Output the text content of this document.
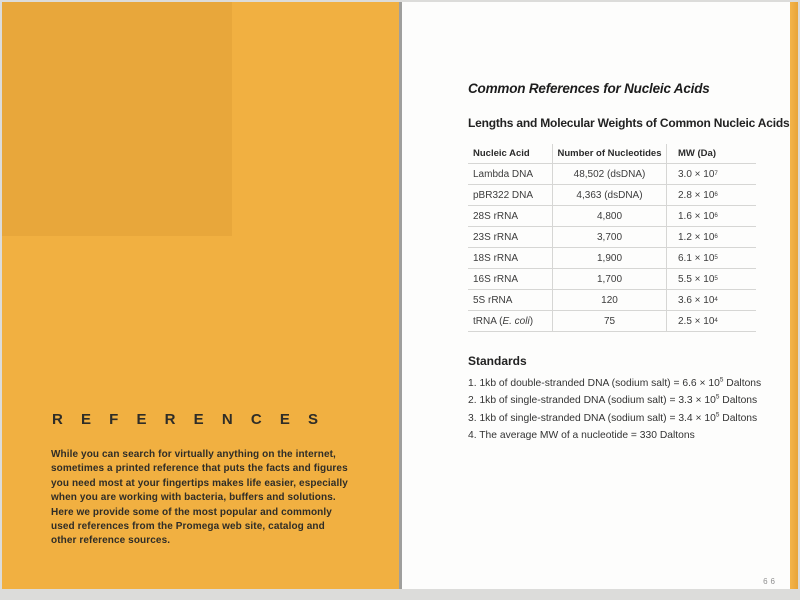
R E F E R E N C E S
While you can search for virtually anything on the internet,
sometimes a printed reference that puts the facts and figures
you need most at your fingertips makes life easier, especially
when you are working with bacteria, buffers and solutions.
Here we provide some of the most popular and commonly
used references from the Promega web site, catalog and
other reference sources.
Common References for Nucleic Acids
Lengths and Molecular Weights of Common Nucleic Acids
Nucleic Acid	Number of Nucleotides	MW (Da)
Lambda DNA	48,502 (dsDNA)	3.0 × 10 7
pBR322 DNA	4,363 (dsDNA)	2.8 × 10 6
28S rRNA	4,800	1.6 × 10 6
23S rRNA	3,700	1.2 × 10 6
18S rRNA	1,900	6.1 × 10 5
16S rRNA	1,700	5.5 × 10 5
5S rRNA	120	3.6 × 10 4
tRNA ( E. coli )	75	2.5 × 10 4
Standards
1. 1kb of double-stranded DNA (sodium salt) = $6.6 \times 10^5$ Daltons
2. 1kb of single-stranded DNA (sodium salt) = $3.3 \times 10^5$ Daltons
3. 1kb of single-stranded DNA (sodium salt) = $3.4 \times 10^5$ Daltons
4. The average MW of a nucleotide = 330 Daltons
66
